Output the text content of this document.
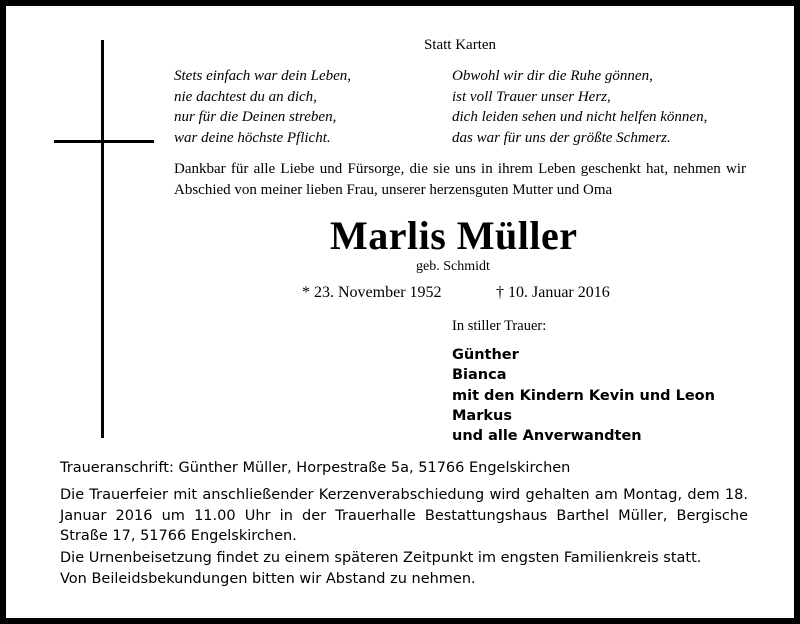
Statt Karten
Stets einfach war dein Leben,
nie dachtest du an dich,
nur für die Deinen streben,
war deine höchste Pflicht.
Obwohl wir dir die Ruhe gönnen,
ist voll Trauer unser Herz,
dich leiden sehen und nicht helfen können,
das war für uns der größte Schmerz.
Dankbar für alle Liebe und Fürsorge, die sie uns in ihrem Leben geschenkt hat, nehmen wir Abschied von meiner lieben Frau, unserer herzensguten Mutter und Oma
Marlis Müller
geb. Schmidt
* 23. November 1952	† 10. Januar 2016
In stiller Trauer:
Günther
Bianca
mit den Kindern Kevin und Leon
Markus
und alle Anverwandten
Traueranschrift: Günther Müller, Horpestraße 5a, 51766 Engelskirchen
Die Trauerfeier mit anschließender Kerzenverabschiedung wird gehalten am Montag, dem 18. Januar 2016 um 11.00 Uhr in der Trauerhalle Bestattungshaus Barthel Müller, Bergische Straße 17, 51766 Engelskirchen.
Die Urnenbeisetzung findet zu einem späteren Zeitpunkt im engsten Familienkreis statt.
Von Beileidsbekundungen bitten wir Abstand zu nehmen.
